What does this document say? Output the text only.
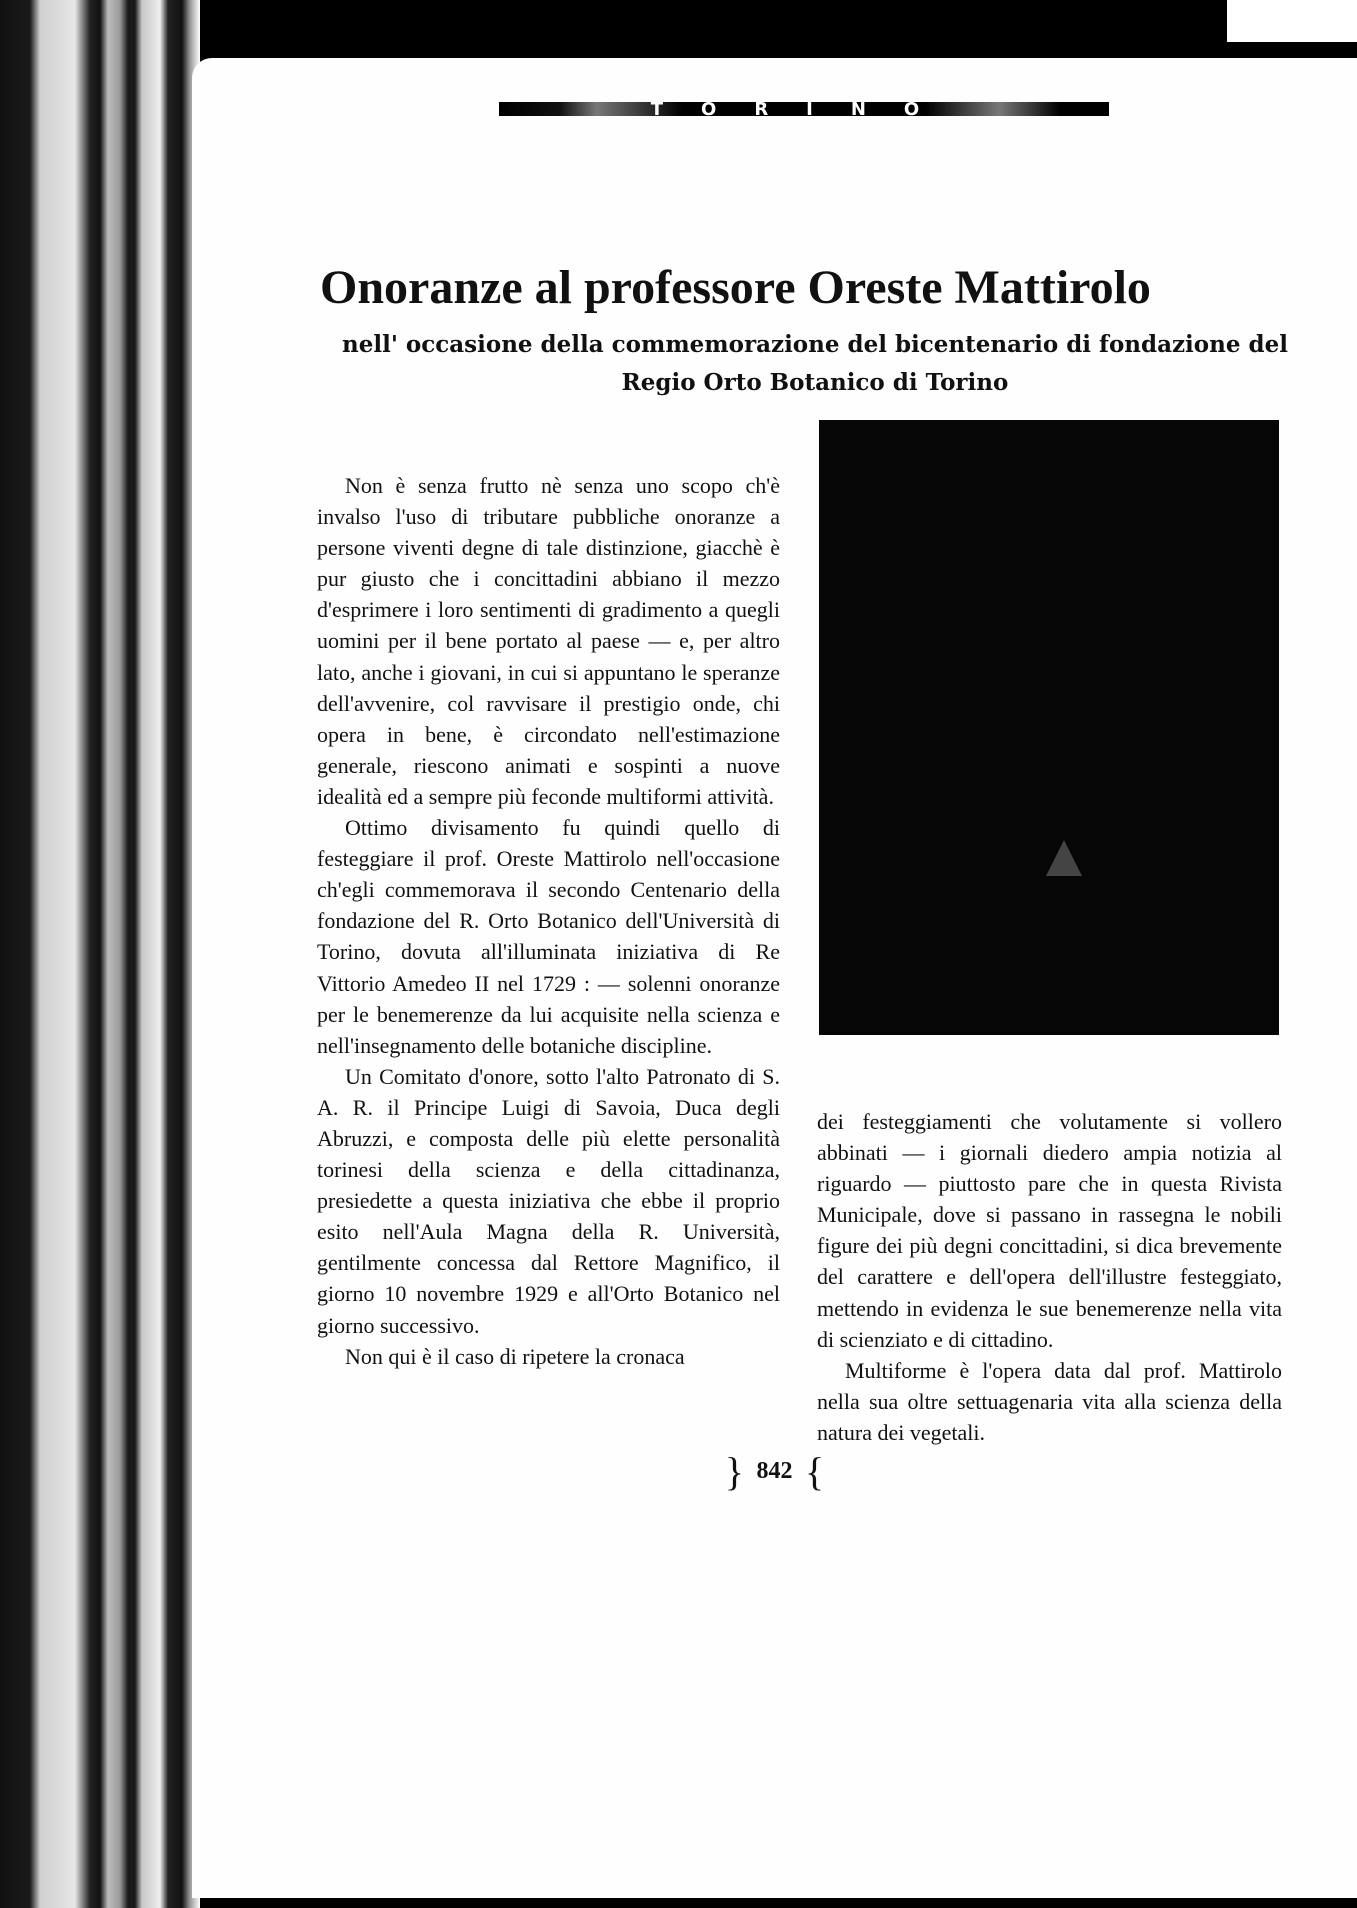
TORINO
Onoranze al professore Oreste Mattirolo
nell' occasione della commemorazione del bicentenario di fondazione del Regio Orto Botanico di Torino

Non è senza frutto nè senza uno scopo ch'è invalso l'uso di tributare pubbliche onoranze a persone viventi degne di tale distinzione, giacchè è pur giusto che i concittadini abbiano il mezzo d'esprimere i loro sentimenti di gradimento a quegli uomini per il bene portato al paese — e, per altro lato, anche i giovani, in cui si appuntano le speranze dell'avvenire, col ravvisare il prestigio onde, chi opera in bene, è circondato nell'estimazione generale, riescono animati e sospinti a nuove idealità ed a sempre più feconde multiformi attività.

Ottimo divisamento fu quindi quello di festeggiare il prof. Oreste Mattirolo nell'occasione ch'egli commemorava il secondo Centenario della fondazione del R. Orto Botanico dell'Università di Torino, dovuta all'illuminata iniziativa di Re Vittorio Amedeo II nel 1729 : — solenni onoranze per le benemerenze da lui acquisite nella scienza e nell'insegnamento delle botaniche discipline.

Un Comitato d'onore, sotto l'alto Patronato di S. A. R. il Principe Luigi di Savoia, Duca degli Abruzzi, e composta delle più elette personalità torinesi della scienza e della cittadinanza, presiedette a questa iniziativa che ebbe il proprio esito nell'Aula Magna della R. Università, gentilmente concessa dal Rettore Magnifico, il giorno 10 novembre 1929 e all'Orto Botanico nel giorno successivo.

Non qui è il caso di ripetere la cronaca

dei festeggiamenti che volutamente si vollero abbinati — i giornali diedero ampia notizia al riguardo — piuttosto pare che in questa Rivista Municipale, dove si passano in rassegna le nobili figure dei più degni concittadini, si dica brevemente del carattere e dell'opera dell'illustre festeggiato, mettendo in evidenza le sue benemerenze nella vita di scienziato e di cittadino.

Multiforme è l'opera data dal prof. Mattirolo nella sua oltre settuagenaria vita alla scienza della natura dei vegetali.

} 842 {
